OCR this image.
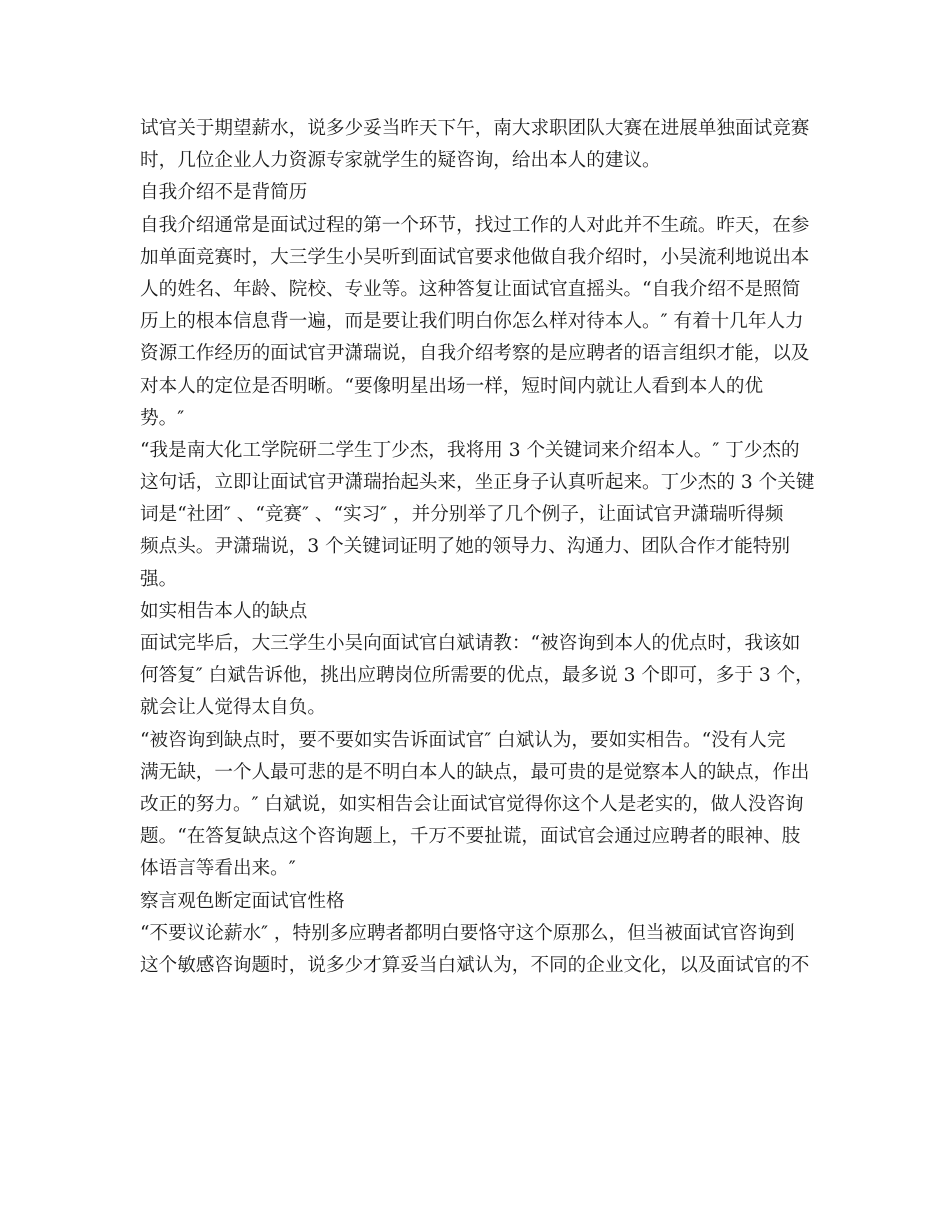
试官关于期望薪水，说多少妥当昨天下午，南大求职团队大赛在进展单独面试竞赛
时，几位企业人力资源专家就学生的疑咨询，给出本人的建议。
自我介绍不是背简历
自我介绍通常是面试过程的第一个环节，找过工作的人对此并不生疏。昨天，在参
加单面竞赛时，大三学生小吴听到面试官要求他做自我介绍时，小吴流利地说出本
人的姓名、年龄、院校、专业等。这种答复让面试官直摇头。“自我介绍不是照简
历上的根本信息背一遍，而是要让我们明白你怎么样对待本人。″ 有着十几年人力
资源工作经历的面试官尹潇瑞说，自我介绍考察的是应聘者的语言组织才能，以及
对本人的定位是否明晰。“要像明星出场一样，短时间内就让人看到本人的优
势。″
“我是南大化工学院研二学生丁少杰，我将用 3 个关键词来介绍本人。″ 丁少杰的
这句话，立即让面试官尹潇瑞抬起头来，坐正身子认真听起来。丁少杰的 3 个关键
词是“社团″ 、“竞赛″ 、“实习″ ，并分别举了几个例子，让面试官尹潇瑞听得频
频点头。尹潇瑞说，3 个关键词证明了她的领导力、沟通力、团队合作才能特别
强。
如实相告本人的缺点
面试完毕后，大三学生小吴向面试官白斌请教：“被咨询到本人的优点时，我该如
何答复″ 白斌告诉他，挑出应聘岗位所需要的优点，最多说 3 个即可，多于 3 个，
就会让人觉得太自负。
“被咨询到缺点时，要不要如实告诉面试官″ 白斌认为，要如实相告。“没有人完
满无缺，一个人最可悲的是不明白本人的缺点，最可贵的是觉察本人的缺点，作出
改正的努力。″ 白斌说，如实相告会让面试官觉得你这个人是老实的，做人没咨询
题。“在答复缺点这个咨询题上，千万不要扯谎，面试官会通过应聘者的眼神、肢
体语言等看出来。″
察言观色断定面试官性格
“不要议论薪水″ ，特别多应聘者都明白要恪守这个原那么，但当被面试官咨询到
这个敏感咨询题时，说多少才算妥当白斌认为，不同的企业文化，以及面试官的不
